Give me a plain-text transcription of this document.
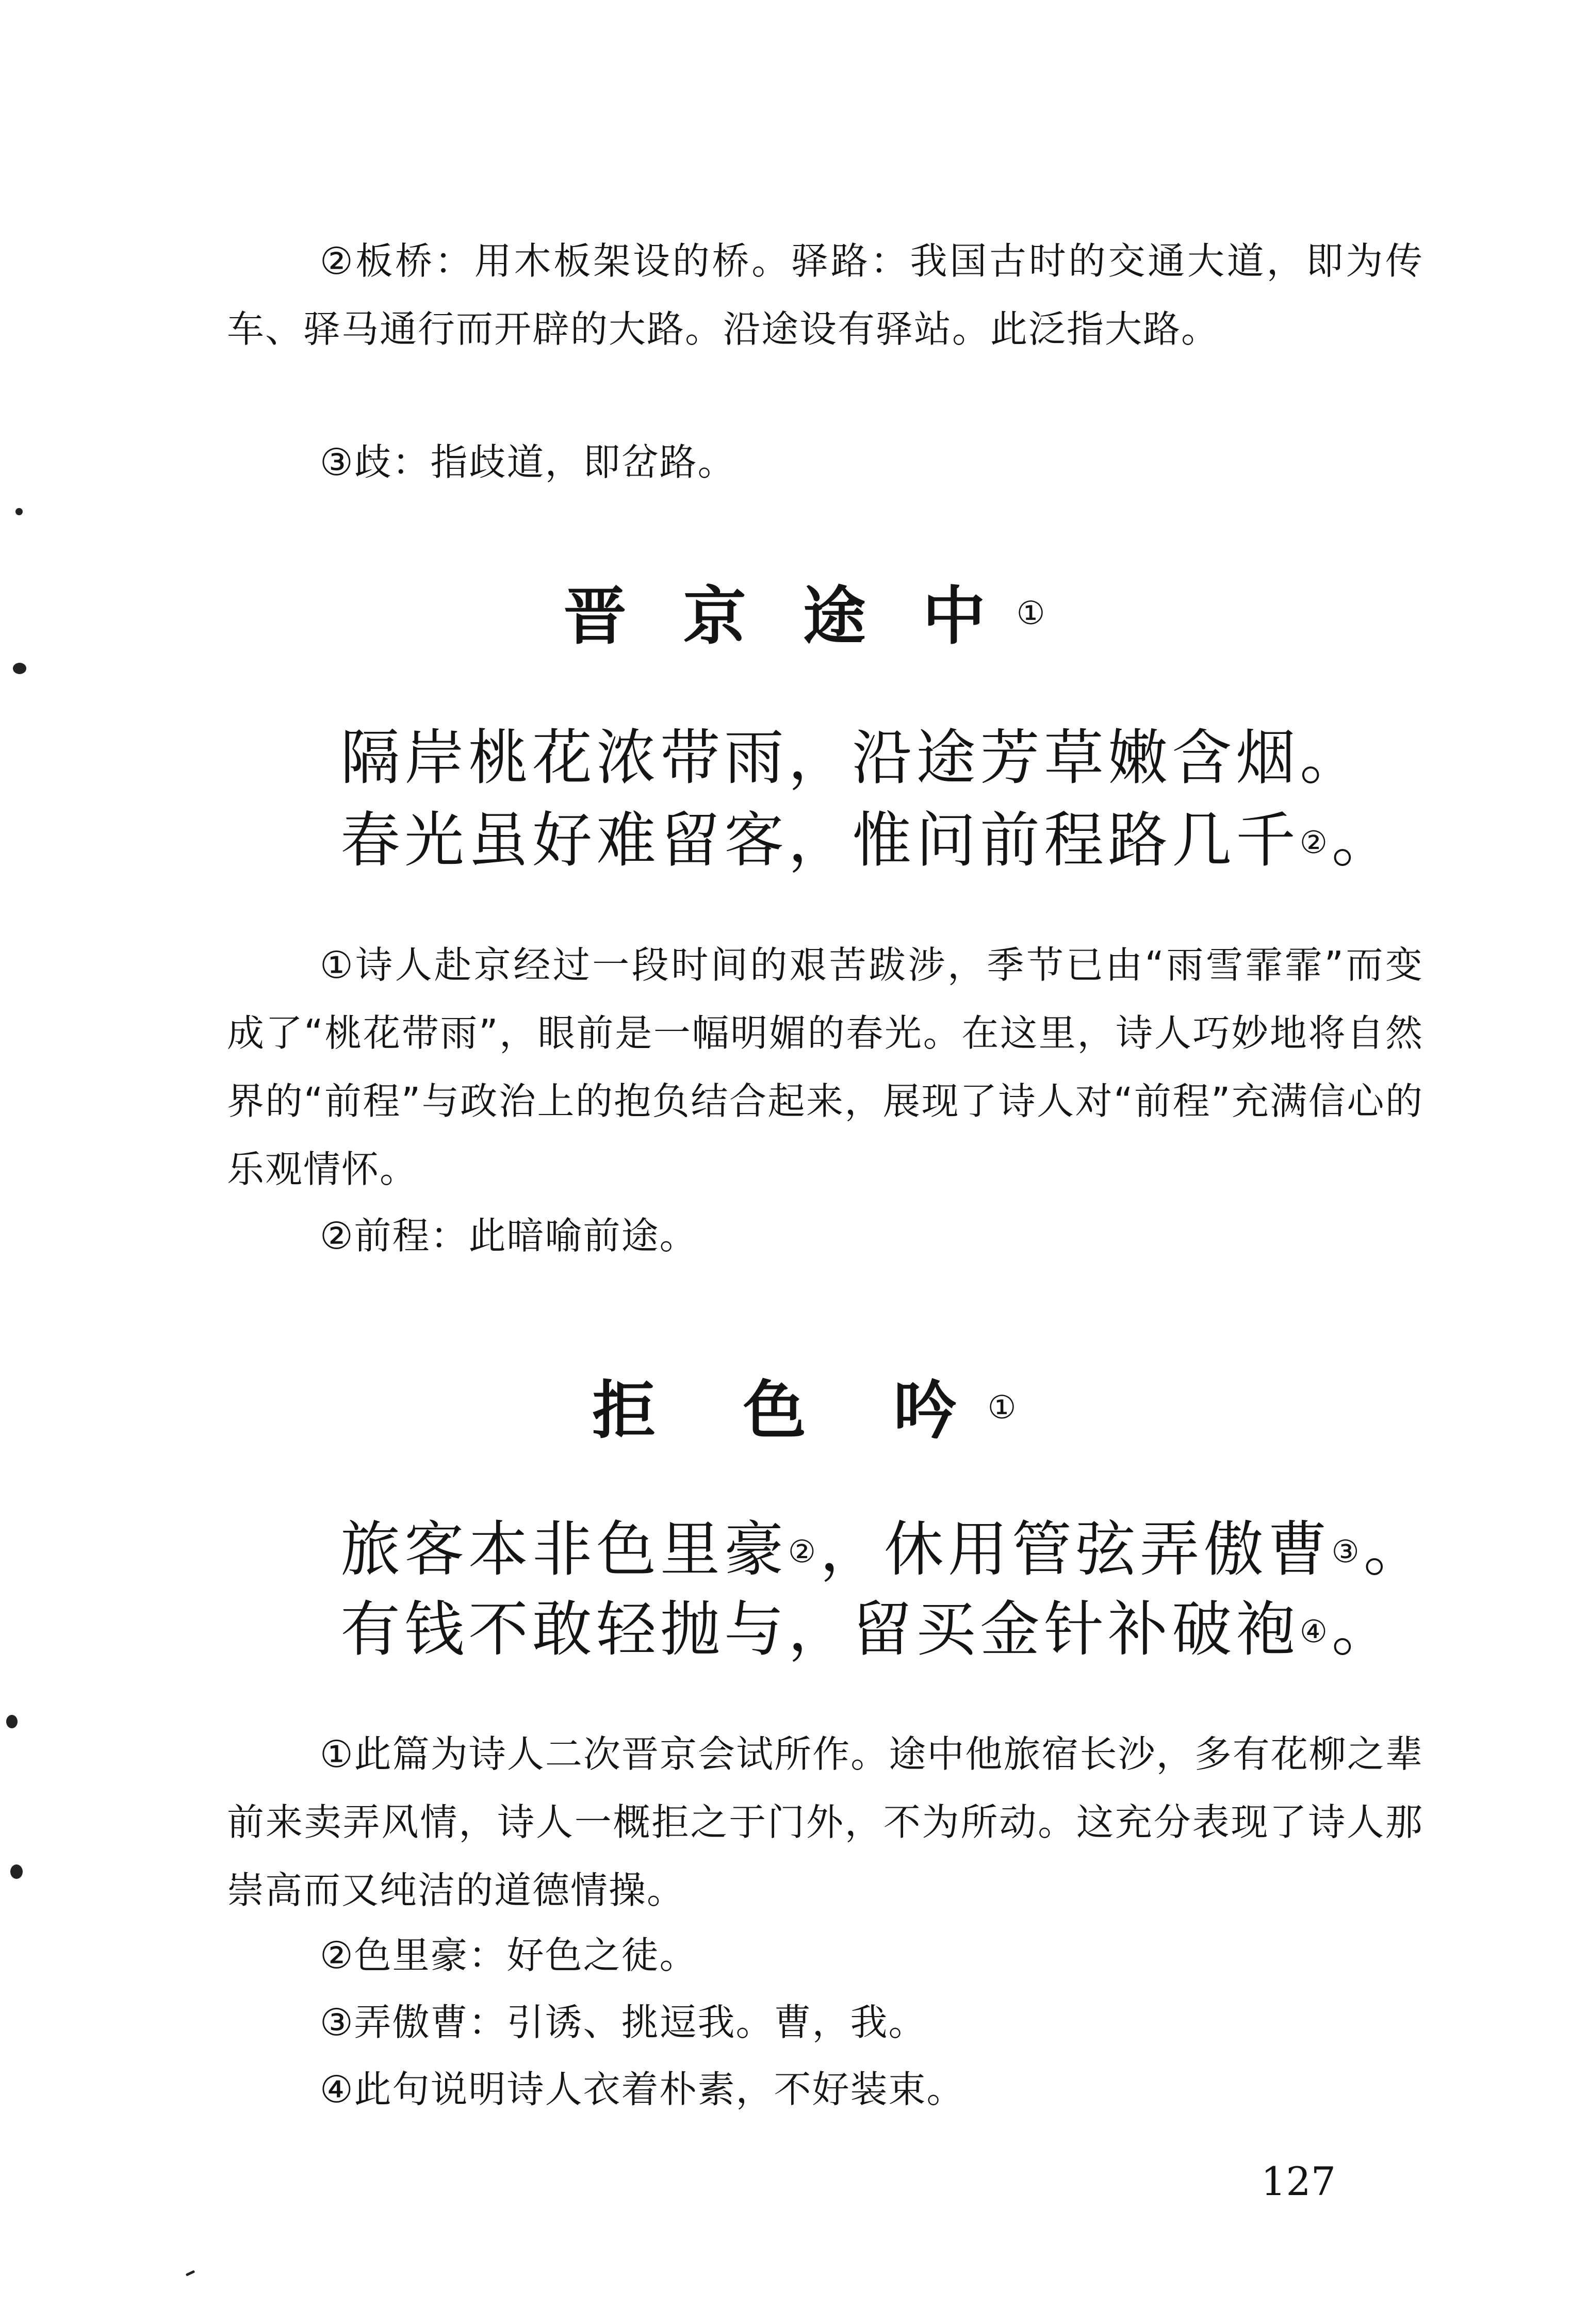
②板桥：用木板架设的桥。驿路：我国古时的交通大道，即为传车、驿马通行而开辟的大路。沿途设有驿站。此泛指大路。

③歧：指歧道，即岔路。

晋 京 途 中 ①

隔岸桃花浓带雨，沿途芳草嫩含烟。

春光虽好难留客，惟问前程路几千②。

①诗人赴京经过一段时间的艰苦跋涉，季节已由“雨雪霏霏”而变成了“桃花带雨”，眼前是一幅明媚的春光。在这里，诗人巧妙地将自然界的“前程”与政治上的抱负结合起来，展现了诗人对“前程”充满信心的乐观情怀。

②前程：此暗喻前途。

拒 色 吟 ①

旅客本非色里豪②，休用管弦弄傲曹③。

有钱不敢轻抛与，留买金针补破袍④。

①此篇为诗人二次晋京会试所作。途中他旅宿长沙，多有花柳之辈前来卖弄风情，诗人一概拒之于门外，不为所动。这充分表现了诗人那崇高而又纯洁的道德情操。

②色里豪：好色之徒。

③弄傲曹：引诱、挑逗我。曹，我。

④此句说明诗人衣着朴素，不好装束。

127
